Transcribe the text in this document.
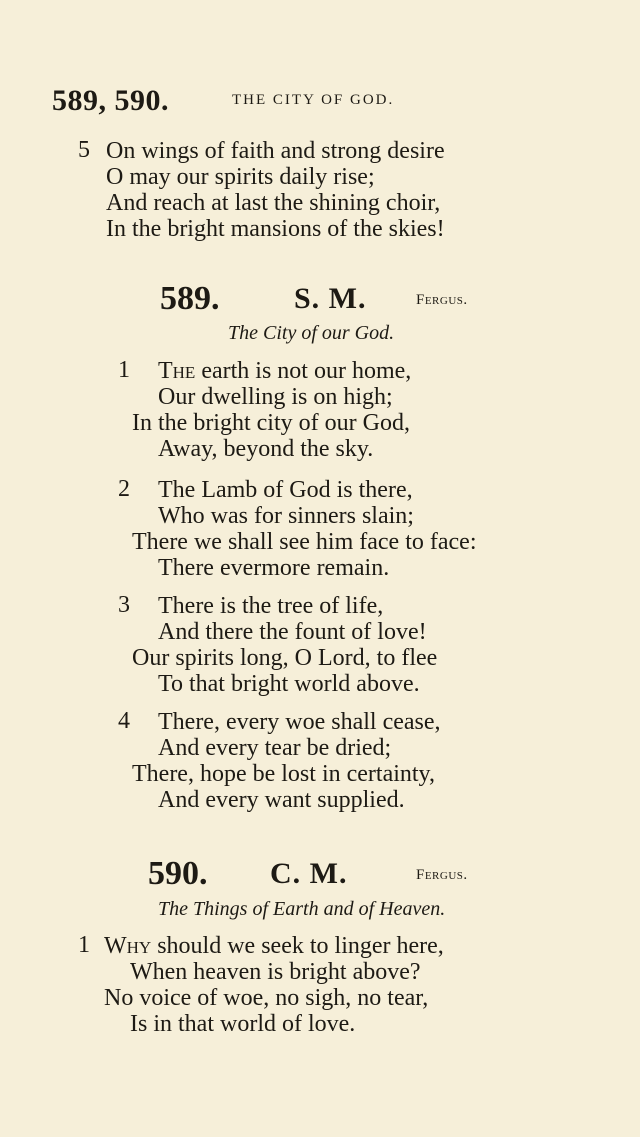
589, 590.	THE CITY OF GOD.
5 On wings of faith and strong desire
O may our spirits daily rise;
And reach at last the shining choir,
In the bright mansions of the skies!
589. S. M.	Fergus.
The City of our God.
1 The earth is not our home,
Our dwelling is on high;
In the bright city of our God,
Away, beyond the sky.
2 The Lamb of God is there,
Who was for sinners slain;
There we shall see him face to face:
There evermore remain.
3 There is the tree of life,
And there the fount of love!
Our spirits long, O Lord, to flee
To that bright world above.
4 There, every woe shall cease,
And every tear be dried;
There, hope be lost in certainty,
And every want supplied.
590. C. M.	Fergus.
The Things of Earth and of Heaven.
1 Why should we seek to linger here,
When heaven is bright above?
No voice of woe, no sigh, no tear,
Is in that world of love.
